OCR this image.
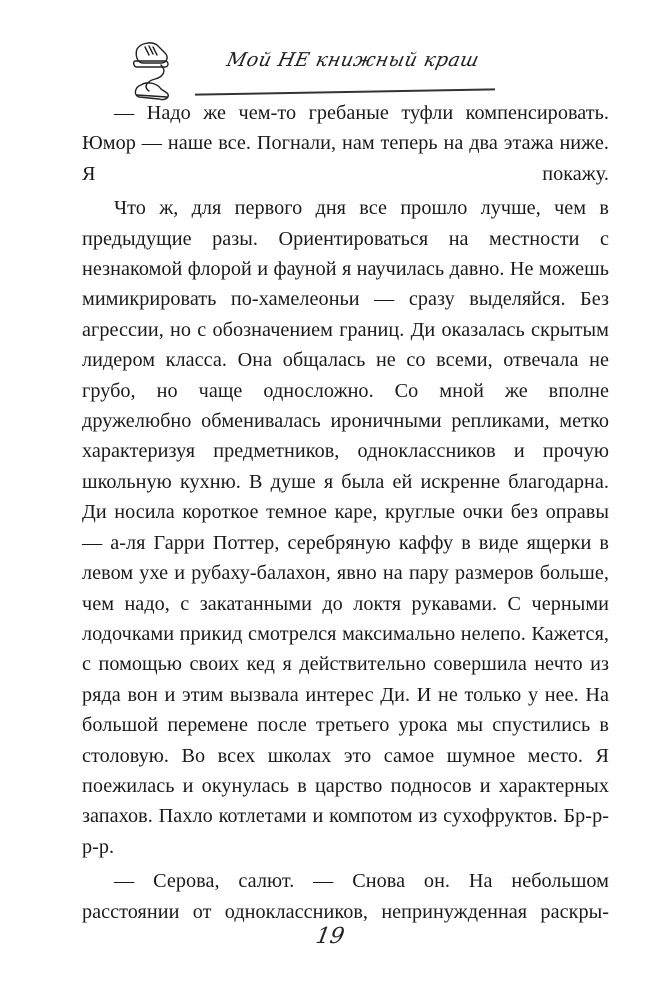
Мой НЕ книжный краш

— Надо же чем-то гребаные туфли компенсировать. Юмор — наше все. Погнали, нам теперь на два этажа ниже. Я покажу.

Что ж, для первого дня все прошло лучше, чем в предыдущие разы. Ориентироваться на местности с незнакомой флорой и фауной я научилась давно. Не можешь мимикрировать по-хамелеоньи — сразу выделяйся. Без агрессии, но с обозначением границ. Ди оказалась скрытым лидером класса. Она общалась не со всеми, отвечала не грубо, но чаще односложно. Со мной же вполне дружелюбно обменивалась ироничными репликами, метко характеризуя предметников, одноклассников и прочую школьную кухню. В душе я была ей искренне благодарна. Ди носила короткое темное каре, круглые очки без оправы — а-ля Гарри Поттер, серебряную каффу в виде ящерки в левом ухе и рубаху-балахон, явно на пару размеров больше, чем надо, с закатанными до локтя рукавами. С черными лодочками прикид смотрелся максимально нелепо. Кажется, с помощью своих кед я действительно совершила нечто из ряда вон и этим вызвала интерес Ди. И не только у нее. На большой перемене после третьего урока мы спустились в столовую. Во всех школах это самое шумное место. Я поежилась и окунулась в царство подносов и характерных запахов. Пахло котлетами и компотом из сухофруктов. Бр-р-р-р.

— Серова, салют. — Снова он. На небольшом расстоянии от одноклассников, непринужденная раскры-

19
